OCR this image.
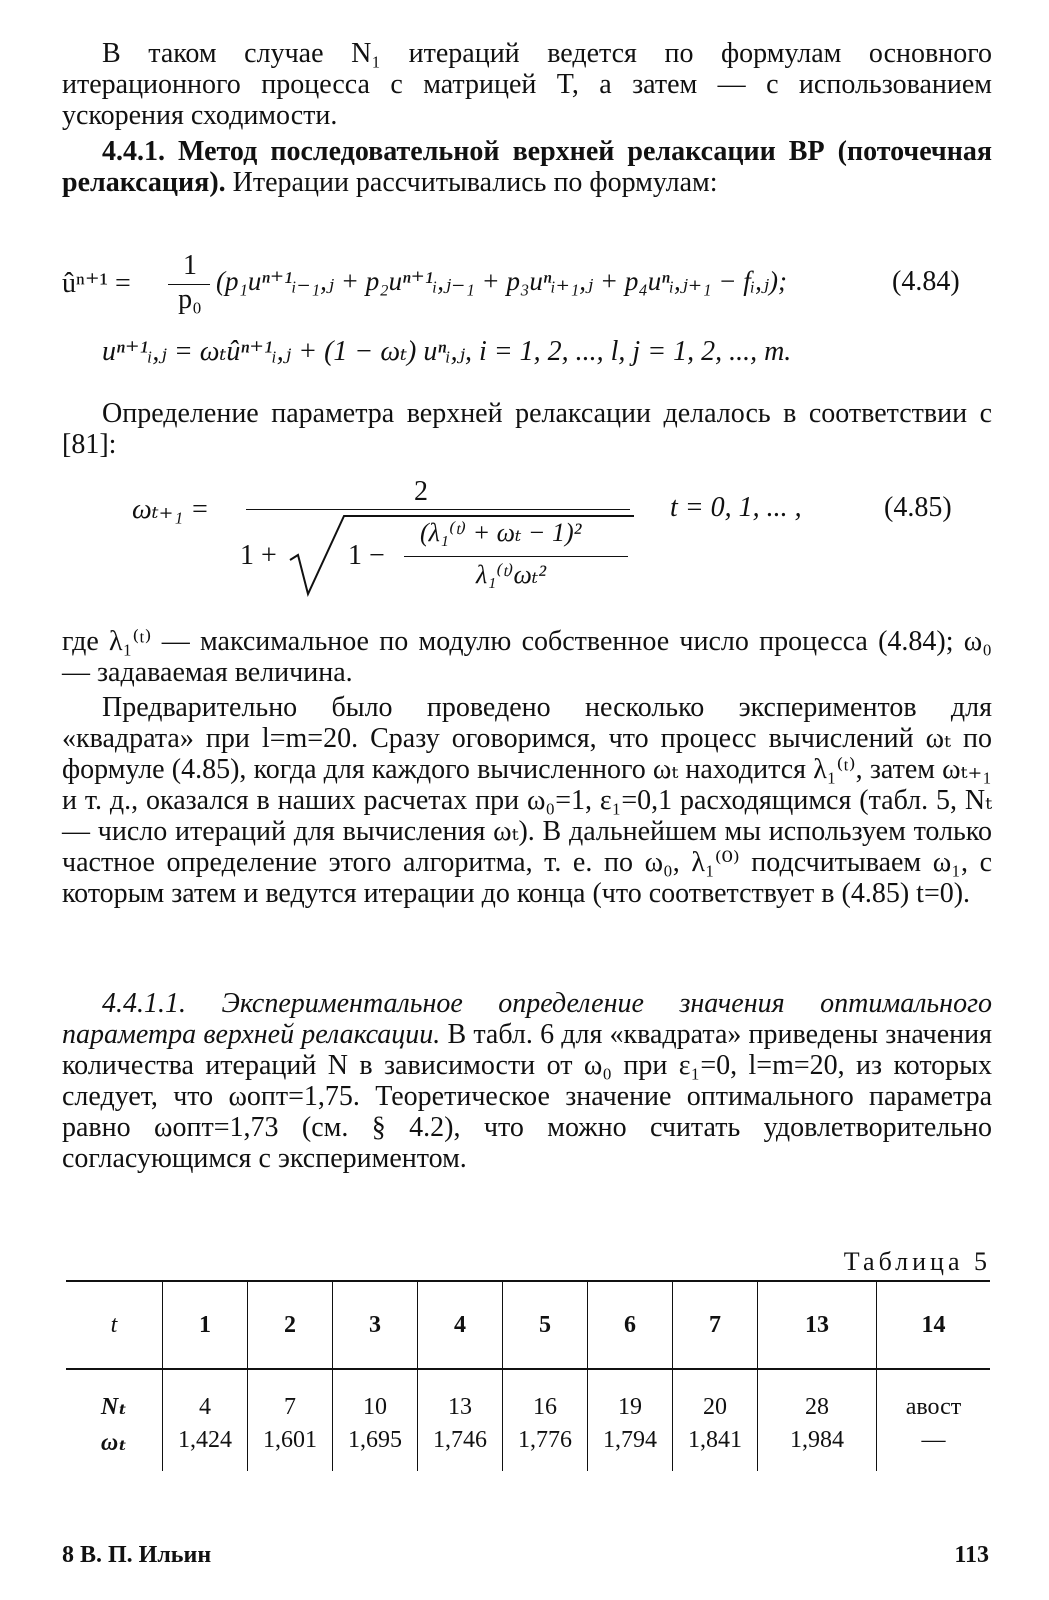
В таком случае N₁ итераций ведется по формулам основного итерационного процесса с матрицей T, а затем — с использованием ускорения сходимости.

4.4.1. Метод последовательной верхней релаксации ВР (поточечная релаксация). Итерации рассчитывались по формулам:

ûⁿ⁺¹ =
1
p₀
(p₁uⁿ⁺¹ᵢ₋₁,ⱼ + p₂uⁿ⁺¹ᵢ,ⱼ₋₁ + p₃uⁿᵢ₊₁,ⱼ + p₄uⁿᵢ,ⱼ₊₁ − fᵢ,ⱼ);	(4.84)
uⁿ⁺¹ᵢ,ⱼ = ωₜûⁿ⁺¹ᵢ,ⱼ + (1 − ωₜ) uⁿᵢ,ⱼ, i = 1, 2, ..., l, j = 1, 2, ..., m.

Определение параметра верхней релаксации делалось в соответствии с [81]:

ωₜ₊₁ =
2
1 +	1 −
(λ₁⁽ᵗ⁾ + ωₜ − 1)²
λ₁⁽ᵗ⁾ωₜ²
t = 0, 1, ... ,	(4.85)

где λ₁⁽ᵗ⁾ — максимальное по модулю собственное число процесса (4.84); ω₀ — задаваемая величина.

Предварительно было проведено несколько экспериментов для «квадрата» при l=m=20. Сразу оговоримся, что процесс вычислений ωₜ по формуле (4.85), когда для каждого вычисленного ωₜ находится λ₁⁽ᵗ⁾, затем ωₜ₊₁ и т. д., оказался в наших расчетах при ω₀=1, ε₁=0,1 расходящимся (табл. 5, Nₜ— число итераций для вычисления ωₜ). В дальнейшем мы используем только частное определение этого алгоритма, т. е. по ω₀, λ₁⁽⁰⁾ подсчитываем ω₁, с которым затем и ведутся итерации до конца (что соответствует в (4.85) t=0).

4.4.1.1. Экспериментальное определение значения оптимального параметра верхней релаксации. В табл. 6 для «квадрата» приведены значения количества итераций N в зависимости от ω₀ при ε₁=0, l=m=20, из которых следует, что ωопт=1,75. Теоретическое значение оптимального параметра равно ωопт=1,73 (см. § 4.2), что можно считать удовлетворительно согласующимся с экспериментом.

Таблица 5
t	1	2	3	4	5	6	7	13	14
Nₜ	4	7	10	13	16	19	20	28	авост
ωₜ	1,424	1,601	1,695	1,746	1,776	1,794	1,841	1,984	—
8 В. П. Ильин	113
